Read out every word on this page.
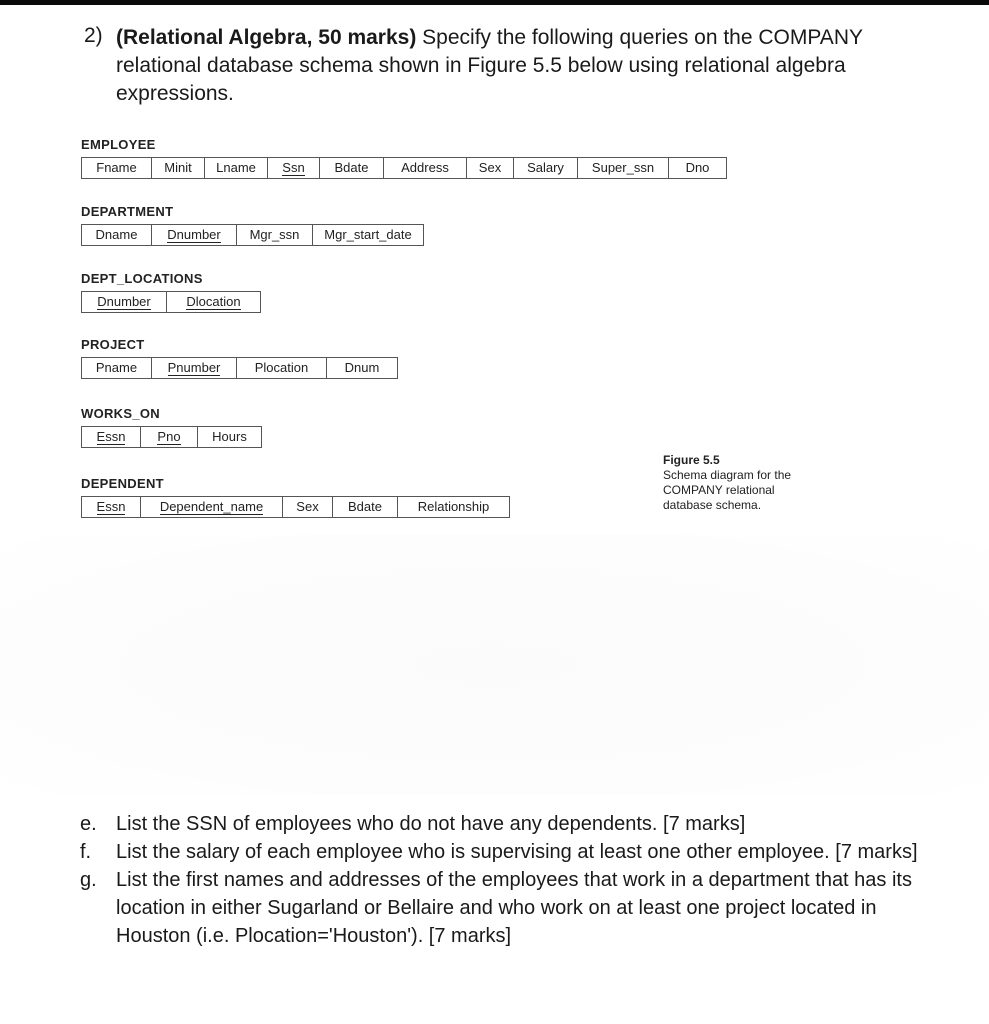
2) (Relational Algebra, 50 marks) Specify the following queries on the COMPANY relational database schema shown in Figure 5.5 below using relational algebra expressions.
EMPLOYEE
Fname	Minit	Lname	Ssn	Bdate	Address	Sex	Salary	Super_ssn	Dno
DEPARTMENT
Dname	Dnumber	Mgr_ssn	Mgr_start_date
DEPT_LOCATIONS
Dnumber	Dlocation
PROJECT
Pname	Pnumber	Plocation	Dnum
WORKS_ON
Essn	Pno	Hours
DEPENDENT
Essn	Dependent_name	Sex	Bdate	Relationship
Figure 5.5
Schema diagram for the
COMPANY relational
database schema.
e. List the SSN of employees who do not have any dependents. [7 marks]
f.	List the salary of each employee who is supervising at least one other employee. [7 marks]
g. List the first names and addresses of the employees that work in a department that has its location in either Sugarland or Bellaire and who work on at least one project located in Houston (i.e. Plocation='Houston'). [7 marks]
